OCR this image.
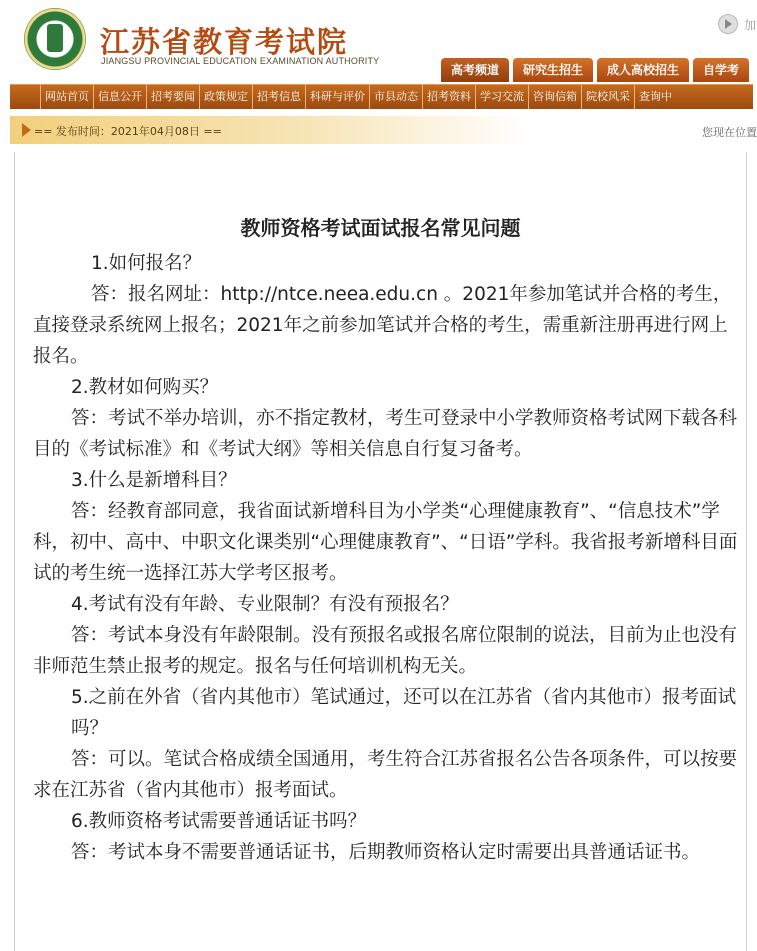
江苏省教育考试院
JIANGSU PROVINCIAL EDUCATION EXAMINATION AUTHORITY
加
高考频道	研究生招生	成人高校招生	自学考
网站首页 信息公开 招考要闻 政策规定 招考信息 科研与评价 市县动态 招考资料 学习交流 咨询信箱 院校风采 查询中
== 发布时间：2021年04月08日 ==	您现在位置
教师资格考试面试报名常见问题

1.如何报名？

答：报名网址：http://ntce.neea.edu.cn 。2021年参加笔试并合格的考生，直接登录系统网上报名；2021年之前参加笔试并合格的考生，需重新注册再进行网上报名。

2.教材如何购买？

答：考试不举办培训，亦不指定教材，考生可登录中小学教师资格考试网下载各科目的《考试标准》和《考试大纲》等相关信息自行复习备考。

3.什么是新增科目？

答：经教育部同意，我省面试新增科目为小学类“心理健康教育”、“信息技术”学科，初中、高中、中职文化课类别“心理健康教育”、“日语”学科。我省报考新增科目面试的考生统一选择江苏大学考区报考。

4.考试有没有年龄、专业限制？有没有预报名？

答：考试本身没有年龄限制。没有预报名或报名席位限制的说法，目前为止也没有非师范生禁止报考的规定。报名与任何培训机构无关。

5.之前在外省（省内其他市）笔试通过，还可以在江苏省（省内其他市）报考面试吗？

答：可以。笔试合格成绩全国通用，考生符合江苏省报名公告各项条件，可以按要求在江苏省（省内其他市）报考面试。

6.教师资格考试需要普通话证书吗？

答：考试本身不需要普通话证书，后期教师资格认定时需要出具普通话证书。
